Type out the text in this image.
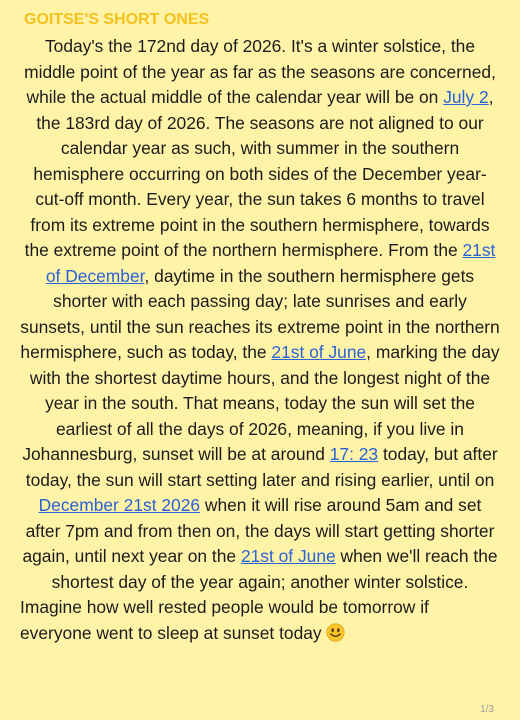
GOITSE'S SHORT ONES

Today's the 172nd day of 2026. It's a winter solstice, the middle point of the year as far as the seasons are concerned, while the actual middle of the calendar year will be on July 2, the 183rd day of 2026. The seasons are not aligned to our calendar year as such, with summer in the southern hemisphere occurring on both sides of the December year-cut-off month. Every year, the sun takes 6 months to travel from its extreme point in the southern hermisphere, towards the extreme point of the northern hermisphere. From the 21st of December, daytime in the southern hermisphere gets shorter with each passing day; late sunrises and early sunsets, until the sun reaches its extreme point in the northern hermisphere, such as today, the 21st of June, marking the day with the shortest daytime hours, and the longest night of the year in the south. That means, today the sun will set the earliest of all the days of 2026, meaning, if you live in Johannesburg, sunset will be at around 17: 23 today, but after today, the sun will start setting later and rising earlier, until on December 21st 2026 when it will rise around 5am and set after 7pm and from then on, the days will start getting shorter again, until next year on the 21st of June when we'll reach the shortest day of the year again; another winter solstice.

Imagine how well rested people would be tomorrow if everyone went to sleep at sunset today

1/3
